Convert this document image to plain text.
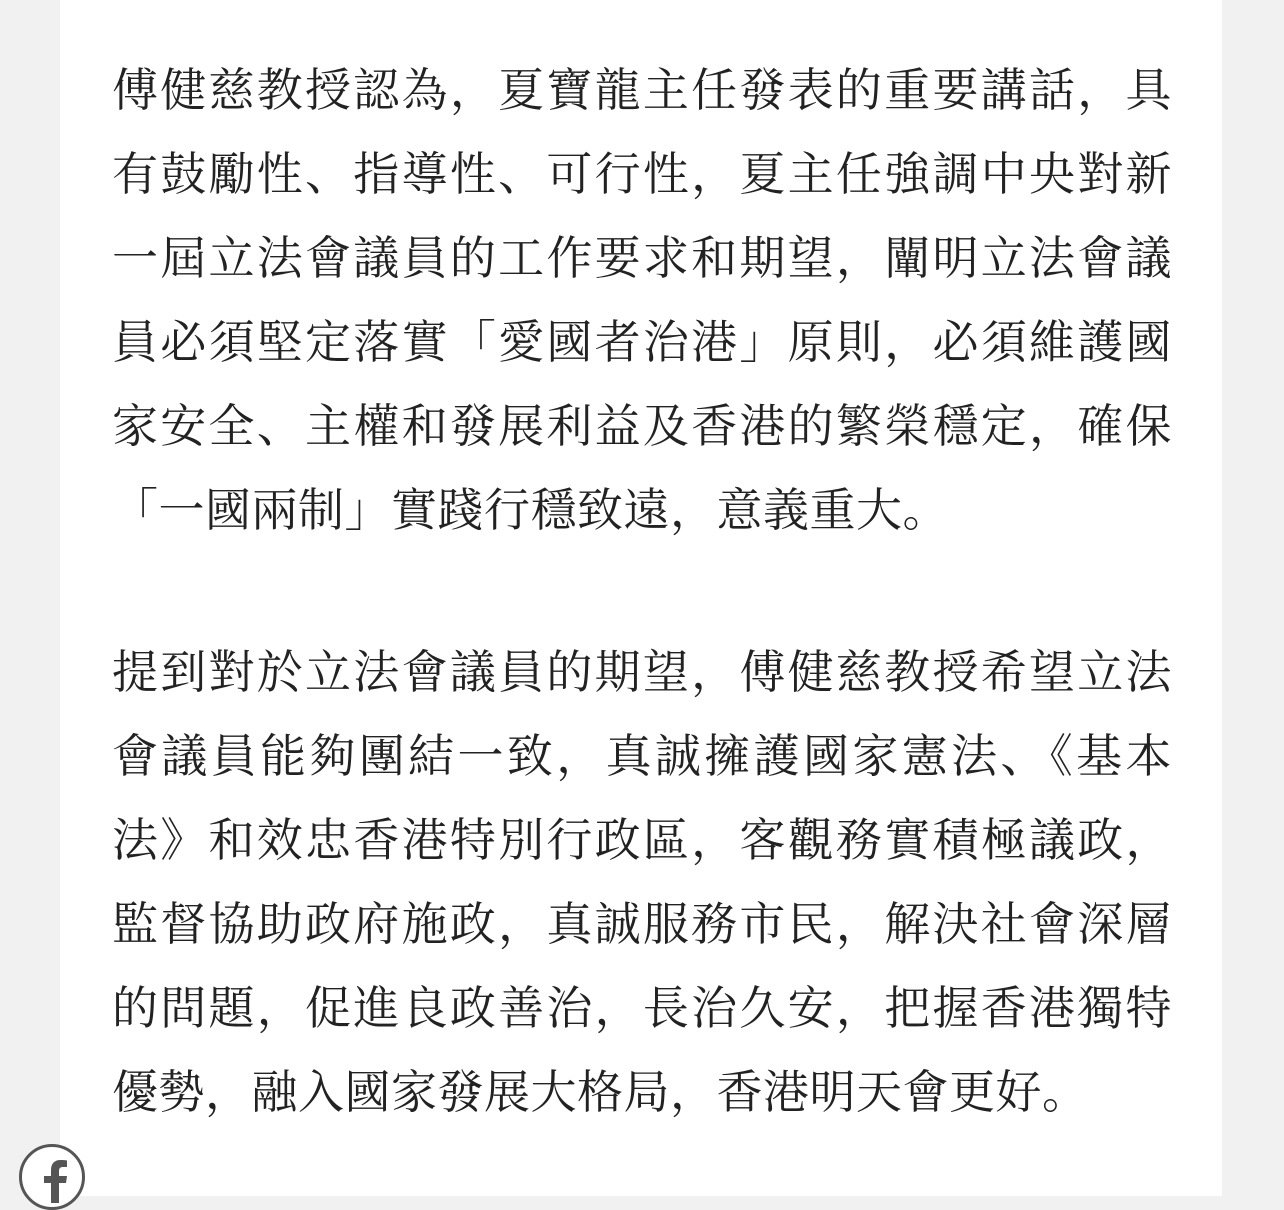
傅健慈教授認為，夏寶龍主任發表的重要講話，具有鼓勵性、指導性、可行性，夏主任強調中央對新一屆立法會議員的工作要求和期望，闡明立法會議員必須堅定落實「愛國者治港」原則，必須維護國家安全、主權和發展利益及香港的繁榮穩定，確保「一國兩制」實踐行穩致遠，意義重大。

提到對於立法會議員的期望，傅健慈教授希望立法會議員能夠團結一致，真誠擁護國家憲法、《基本法》和效忠香港特別行政區，客觀務實積極議政，監督協助政府施政，真誠服務市民，解決社會深層的問題，促進良政善治，長治久安，把握香港獨特優勢，融入國家發展大格局，香港明天會更好。
